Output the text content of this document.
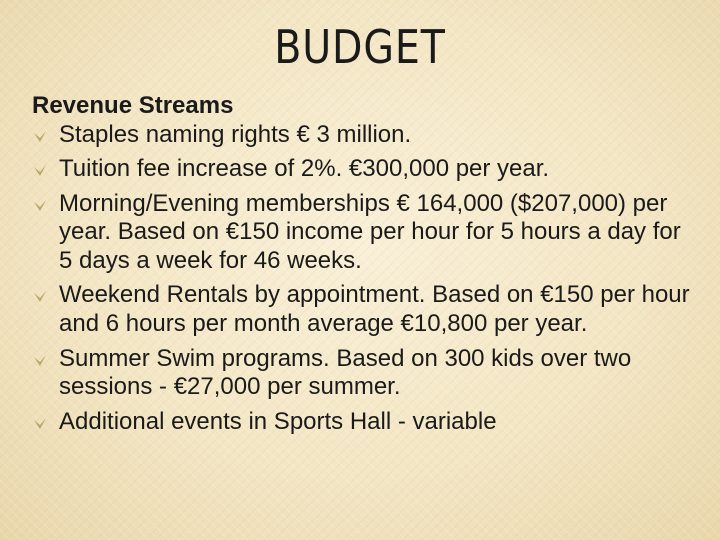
BUDGET
Revenue Streams
Staples naming rights € 3 million.
Tuition fee increase of 2%. €300,000 per year.
Morning/Evening memberships € 164,000 ($207,000) per year. Based on €150 income per hour for 5 hours a day for 5 days a week for 46 weeks.
Weekend Rentals by appointment. Based on €150 per hour and 6 hours per month average €10,800 per year.
Summer Swim programs. Based on 300 kids over two sessions - €27,000 per summer.
Additional events in Sports Hall - variable
